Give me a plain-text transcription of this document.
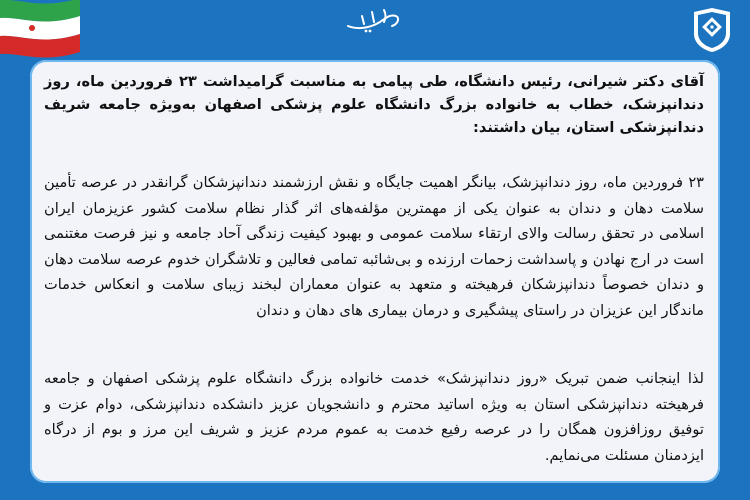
آقای دکتر شیرانی، رئیس دانشگاه، طی پیامی به مناسبت گرامیداشت ۲۳ فروردین ماه، روز دندانپزشک، خطاب به خانواده بزرگ دانشگاه علوم پزشکی اصفهان به‌ویژه جامعه شریف دندانپزشکی استان، بیان داشتند:

۲۳ فروردین ماه، روز دندانپزشک، بیانگر اهمیت جایگاه و نقش ارزشمند دندانپزشکان گرانقدر در عرصه تأمین سلامت دهان و دندان به عنوان یکی از مهمترین مؤلفه‌های اثر گذار نظام سلامت کشور عزیزمان ایران اسلامی در تحقق رسالت والای ارتقاء سلامت عمومی و بهبود کیفیت زندگی آحاد جامعه و نیز فرصت مغتنمی است در ارج نهادن و پاسداشت زحمات ارزنده و بی‌شائبه تمامی فعالین و تلاشگران خدوم عرصه سلامت دهان و دندان خصوصاً دندانپزشکان فرهیخته و متعهد به عنوان معماران لبخند زیبای سلامت و انعکاس خدمات ماندگار این عزیزان در راستای پیشگیری و درمان بیماری های دهان و دندان

لذا اینجانب ضمن تبریک «روز دندانپزشک» خدمت خانواده بزرگ دانشگاه علوم پزشکی اصفهان و جامعه فرهیخته دندانپزشکی استان به ویژه اساتید محترم و دانشجویان عزیز دانشکده دندانپزشکی، دوام عزت و توفیق روزافزون همگان را در عرصه رفیع خدمت به عموم مردم عزیز و شریف این مرز و بوم از درگاه ایزدمنان مسئلت می‌نمایم.
